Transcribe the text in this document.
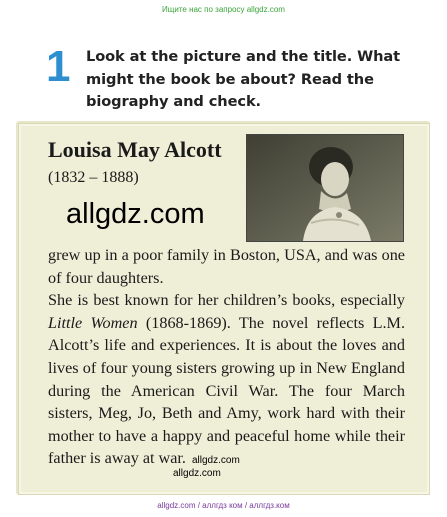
Ищите нас по запросу allgdz.com
1 Look at the picture and the title. What might the book be about? Read the biography and check.
Louisa May Alcott
(1832 – 1888)
allgdz.com
grew up in a poor family in Boston, USA, and was one of four daughters.
She is best known for her children’s books, especially Little Women (1868-1869). The novel reflects L.M. Alcott’s life and experiences. It is about the loves and lives of four young sisters growing up in New England during the American Civil War. The four March sisters, Meg, Jo, Beth and Amy, work hard with their mother to have a happy and peaceful home while their father is away at war. allgdz.com
allgdz.com
allgdz.com / аллгдз ком / аллгдз.ком
